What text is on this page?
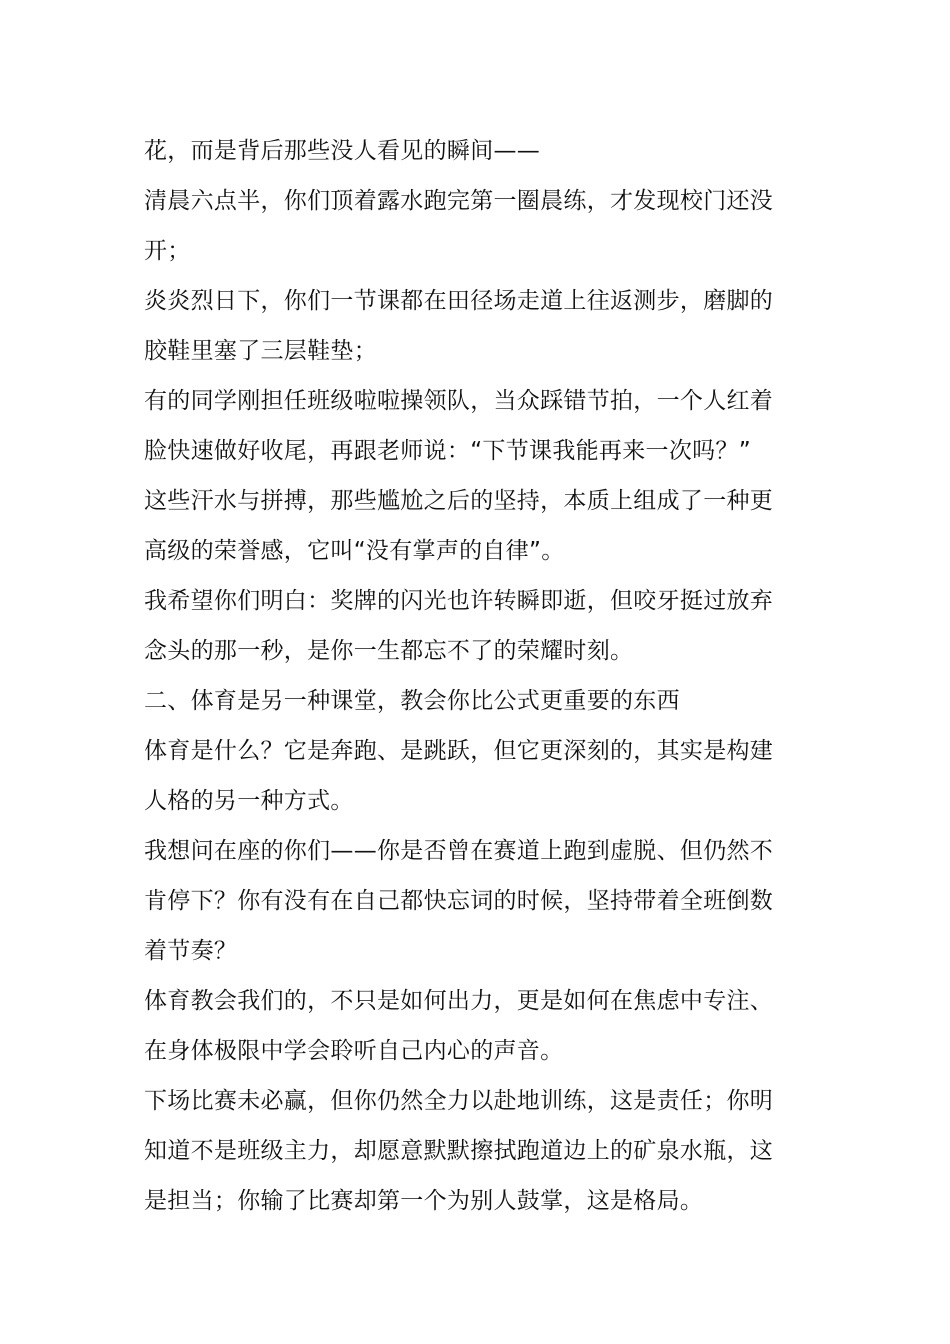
花，而是背后那些没人看见的瞬间——
清晨六点半，你们顶着露水跑完第一圈晨练，才发现校门还没
开；
炎炎烈日下，你们一节课都在田径场走道上往返测步，磨脚的
胶鞋里塞了三层鞋垫；
有的同学刚担任班级啦啦操领队，当众踩错节拍，一个人红着
脸快速做好收尾，再跟老师说：“下节课我能再来一次吗？”
这些汗水与拼搏，那些尴尬之后的坚持，本质上组成了一种更
高级的荣誉感，它叫“没有掌声的自律”。
我希望你们明白：奖牌的闪光也许转瞬即逝，但咬牙挺过放弃
念头的那一秒，是你一生都忘不了的荣耀时刻。
二、体育是另一种课堂，教会你比公式更重要的东西
体育是什么？它是奔跑、是跳跃，但它更深刻的，其实是构建
人格的另一种方式。
我想问在座的你们——你是否曾在赛道上跑到虚脱、但仍然不
肯停下？你有没有在自己都快忘词的时候，坚持带着全班倒数
着节奏？
体育教会我们的，不只是如何出力，更是如何在焦虑中专注、
在身体极限中学会聆听自己内心的声音。
下场比赛未必赢，但你仍然全力以赴地训练，这是责任；你明
知道不是班级主力，却愿意默默擦拭跑道边上的矿泉水瓶，这
是担当；你输了比赛却第一个为别人鼓掌，这是格局。
